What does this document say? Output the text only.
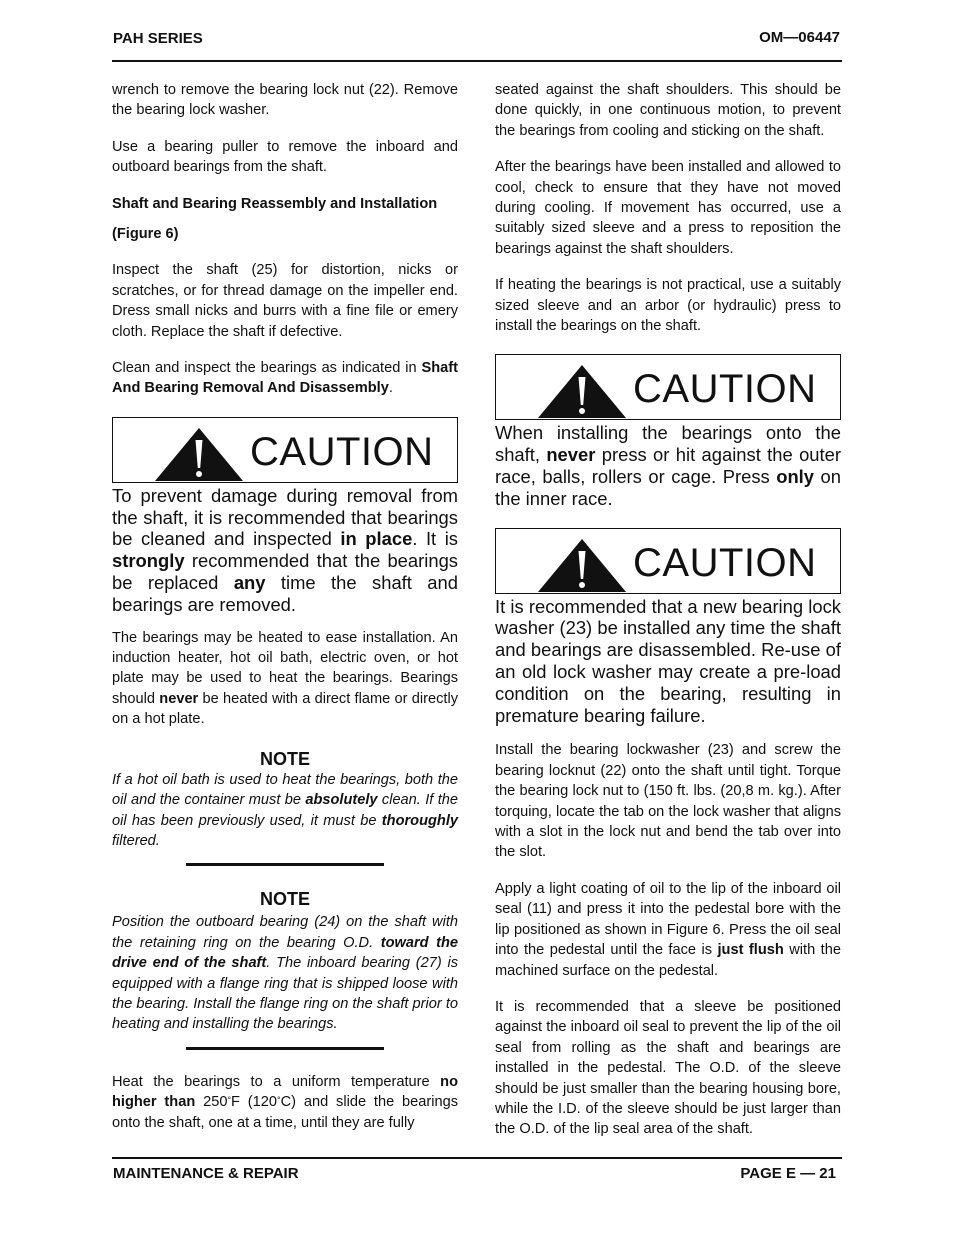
PAH SERIES	OM—06447

wrench to remove the bearing lock nut (22). Remove the bearing lock washer.

Use a bearing puller to remove the inboard and outboard bearings from the shaft.

Shaft and Bearing Reassembly and Installation

(Figure 6)

Inspect the shaft (25) for distortion, nicks or scratches, or for thread damage on the impeller end. Dress small nicks and burrs with a fine file or emery cloth. Replace the shaft if defective.

Clean and inspect the bearings as indicated in Shaft And Bearing Removal And Disassembly.

CAUTION

To prevent damage during removal from the shaft, it is recommended that bearings be cleaned and inspected in place. It is strongly recommended that the bearings be replaced any time the shaft and bearings are removed.

The bearings may be heated to ease installation. An induction heater, hot oil bath, electric oven, or hot plate may be used to heat the bearings. Bearings should never be heated with a direct flame or directly on a hot plate.

NOTE

If a hot oil bath is used to heat the bearings, both the oil and the container must be absolutely clean. If the oil has been previously used, it must be thoroughly filtered.

NOTE

Position the outboard bearing (24) on the shaft with the retaining ring on the bearing O.D. toward the drive end of the shaft. The inboard bearing (27) is equipped with a flange ring that is shipped loose with the bearing. Install the flange ring on the shaft prior to heating and installing the bearings.

Heat the bearings to a uniform temperature no higher than 250°F (120°C) and slide the bearings onto the shaft, one at a time, until they are fully

seated against the shaft shoulders. This should be done quickly, in one continuous motion, to prevent the bearings from cooling and sticking on the shaft.

After the bearings have been installed and allowed to cool, check to ensure that they have not moved during cooling. If movement has occurred, use a suitably sized sleeve and a press to reposition the bearings against the shaft shoulders.

If heating the bearings is not practical, use a suitably sized sleeve and an arbor (or hydraulic) press to install the bearings on the shaft.

CAUTION

When installing the bearings onto the shaft, never press or hit against the outer race, balls, rollers or cage. Press only on the inner race.

CAUTION

It is recommended that a new bearing lock washer (23) be installed any time the shaft and bearings are disassembled. Re-use of an old lock washer may create a pre-load condition on the bearing, resulting in premature bearing failure.

Install the bearing lockwasher (23) and screw the bearing locknut (22) onto the shaft until tight. Torque the bearing lock nut to (150 ft. lbs. (20,8 m. kg.). After torquing, locate the tab on the lock washer that aligns with a slot in the lock nut and bend the tab over into the slot.

Apply a light coating of oil to the lip of the inboard oil seal (11) and press it into the pedestal bore with the lip positioned as shown in Figure 6. Press the oil seal into the pedestal until the face is just flush with the machined surface on the pedestal.

It is recommended that a sleeve be positioned against the inboard oil seal to prevent the lip of the oil seal from rolling as the shaft and bearings are installed in the pedestal. The O.D. of the sleeve should be just smaller than the bearing housing bore, while the I.D. of the sleeve should be just larger than the O.D. of the lip seal area of the shaft.

MAINTENANCE & REPAIR	PAGE E — 21
